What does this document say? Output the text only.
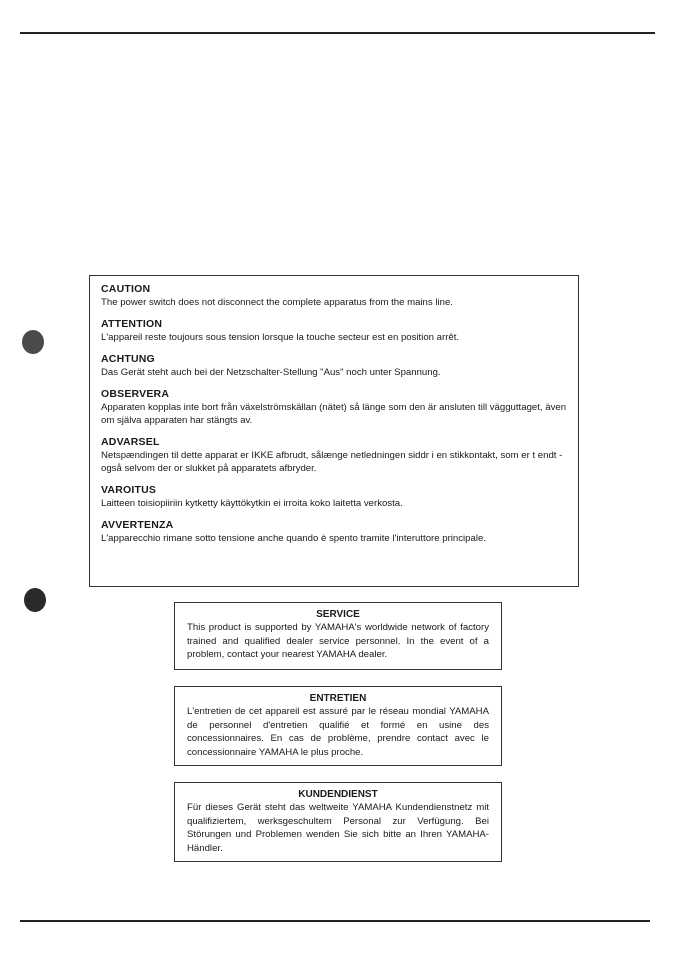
CAUTION
The power switch does not disconnect the complete apparatus from the mains line.
ATTENTION
L'appareil reste toujours sous tension lorsque la touche secteur est en position arrêt.
ACHTUNG
Das Gerät steht auch bei der Netzschalter-Stellung "Aus" noch unter Spannung.
OBSERVERA
Apparaten kopplas inte bort från växelströmskällan (nätet) så länge som den är ansluten till vägguttaget, även om själva apparaten har stängts av.
ADVARSEL
Netspændingen til dette apparat er IKKE afbrudt, sålænge netledningen siddr i en stikkontakt, som er t endt - også selvom der or slukket på apparatets afbryder.
VAROITUS
Laitteen toisiopiiriin kytketty käyttökytkin ei irroita koko laitetta verkosta.
AVVERTENZA
L'apparecchio rimane sotto tensione anche quando è spento tramite l'interuttore principale.
SERVICE
This product is supported by YAMAHA's worldwide network of factory trained and qualified dealer service personnel. In the event of a problem, contact your nearest YAMAHA dealer.
ENTRETIEN
L'entretien de cet appareil est assuré par le réseau mondial YAMAHA de personnel d'entretien qualifié et formé en usine des concessionnaires. En cas de problème, prendre contact avec le concessionnaire YAMAHA le plus proche.
KUNDENDIENST
Für dieses Gerät steht das weltweite YAMAHA Kundendienstnetz mit qualifiziertem, werksgeschultem Personal zur Verfügung. Bei Störungen und Problemen wenden Sie sich bitte an Ihren YAMAHA-Händler.
